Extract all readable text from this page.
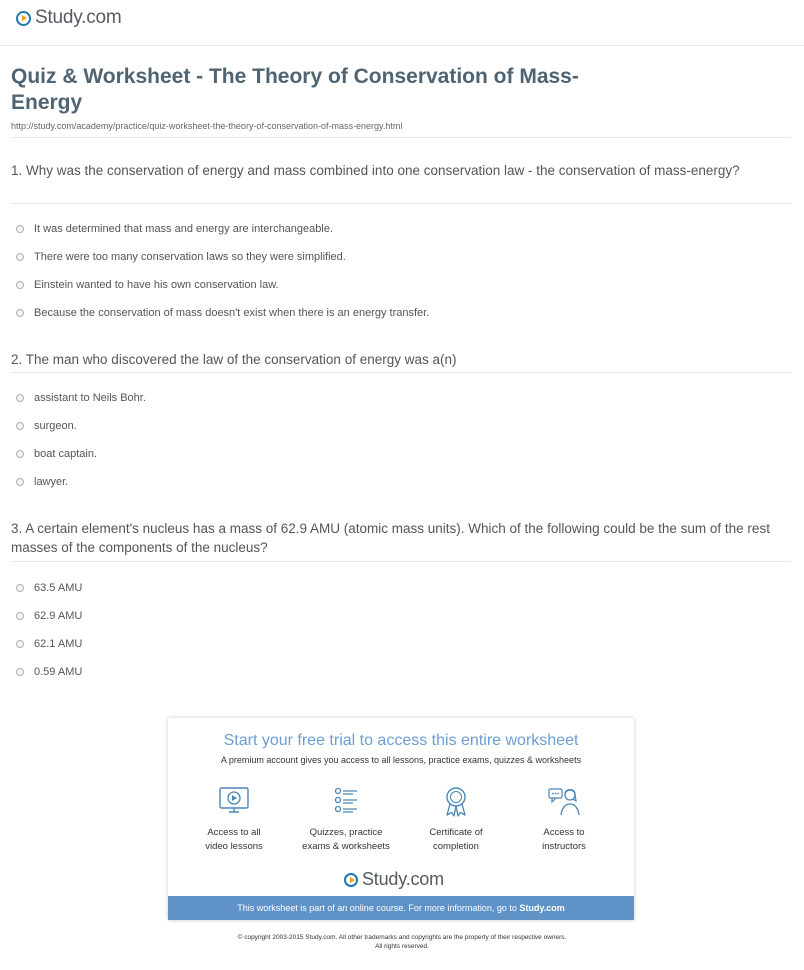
Study.com
Quiz & Worksheet - The Theory of Conservation of Mass-Energy
http://study.com/academy/practice/quiz-worksheet-the-theory-of-conservation-of-mass-energy.html
1. Why was the conservation of energy and mass combined into one conservation law - the conservation of mass-energy?
It was determined that mass and energy are interchangeable.
There were too many conservation laws so they were simplified.
Einstein wanted to have his own conservation law.
Because the conservation of mass doesn't exist when there is an energy transfer.
2. The man who discovered the law of the conservation of energy was a(n)
assistant to Neils Bohr.
surgeon.
boat captain.
lawyer.
3. A certain element's nucleus has a mass of 62.9 AMU (atomic mass units). Which of the following could be the sum of the rest masses of the components of the nucleus?
63.5 AMU
62.9 AMU
62.1 AMU
0.59 AMU
Start your free trial to access this entire worksheet
A premium account gives you access to all lessons, practice exams, quizzes & worksheets
Access to all
video lessons
Quizzes, practice
exams & worksheets
Certificate of
completion
Access to
instructors
Study.com
This worksheet is part of an online course. For more information, go to Study.com
© copyright 2003-2015 Study.com. All other trademarks and copyrights are the property of their respective owners.
All rights reserved.
